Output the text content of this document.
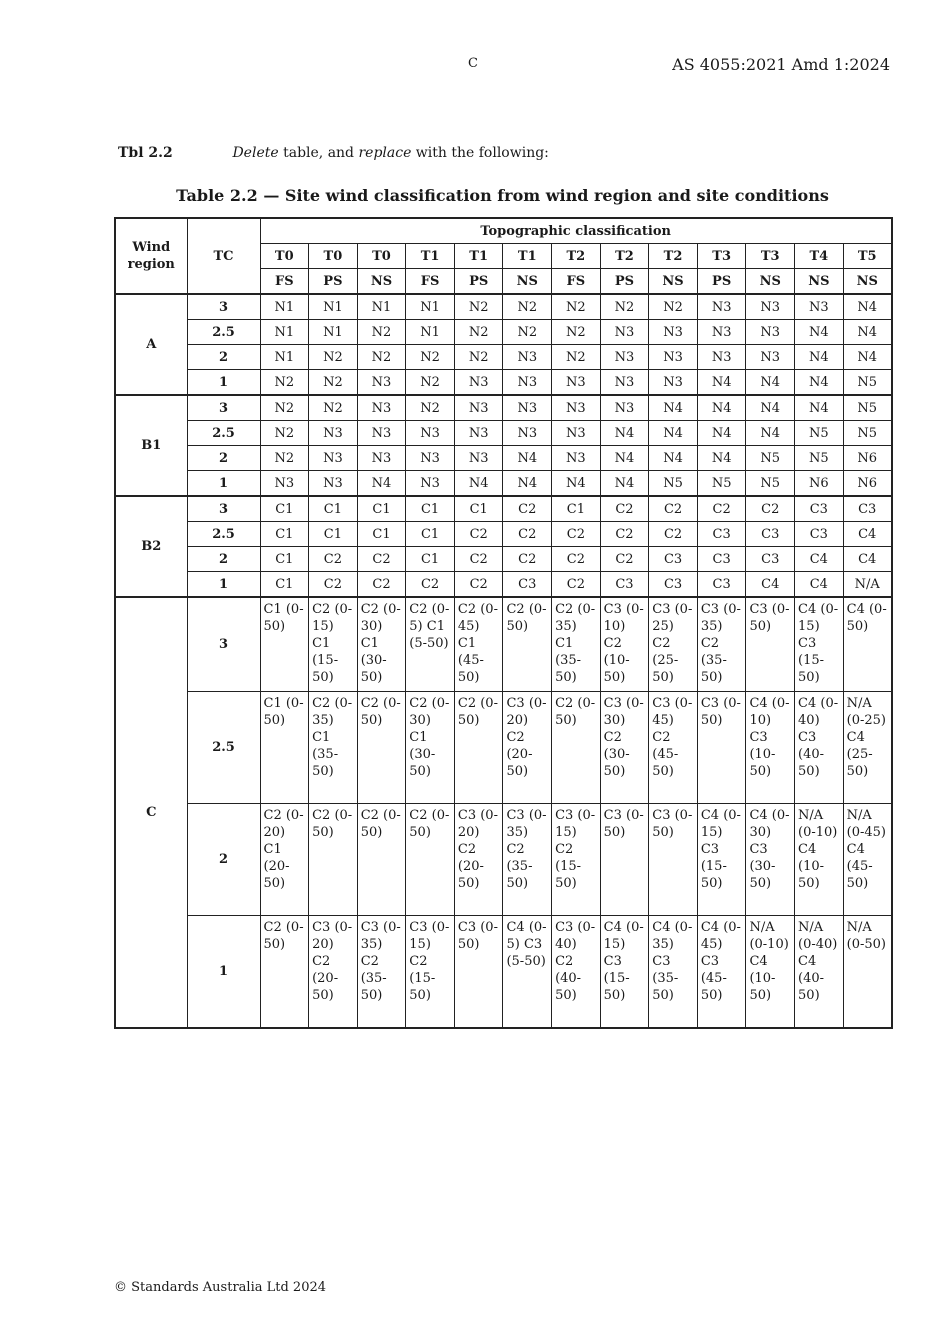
C	AS 4055:2021 Amd 1:2024
Tbl 2.2	Delete table, and replace with the following:
Table 2.2 — Site wind classification from wind region and site conditions
Wind region	TC	Topographic classification												
		T0	T0	T0	T1	T1	T1	T2	T2	T2	T3	T3	T4	T5
		FS	PS	NS	FS	PS	NS	FS	PS	NS	PS	NS	NS	NS
A	3	N1	N1	N1	N1	N2	N2	N2	N2	N2	N3	N3	N3	N4
	2.5	N1	N1	N2	N1	N2	N2	N2	N3	N3	N3	N3	N4	N4
	2	N1	N2	N2	N2	N2	N3	N2	N3	N3	N3	N3	N4	N4
	1	N2	N2	N3	N2	N3	N3	N3	N3	N3	N4	N4	N4	N5
B1	3	N2	N2	N3	N2	N3	N3	N3	N3	N4	N4	N4	N4	N5
	2.5	N2	N3	N3	N3	N3	N3	N3	N4	N4	N4	N4	N5	N5
	2	N2	N3	N3	N3	N3	N4	N3	N4	N4	N4	N5	N5	N6
	1	N3	N3	N4	N3	N4	N4	N4	N4	N5	N5	N5	N6	N6
B2	3	C1	C1	C1	C1	C1	C2	C1	C2	C2	C2	C2	C3	C3
	2.5	C1	C1	C1	C1	C2	C2	C2	C2	C2	C3	C3	C3	C4
	2	C1	C2	C2	C1	C2	C2	C2	C2	C3	C3	C3	C4	C4
	1	C1	C2	C2	C2	C2	C3	C2	C3	C3	C3	C4	C4	N/A
C	3	C1 (0-50)	C2 (0-15) C1 (15-50)	C2 (0-30) C1 (30-50)	C2 (0-5) C1 (5-50)	C2 (0-45) C1 (45-50)	C2 (0-50)	C2 (0-35) C1 (35-50)	C3 (0-10) C2 (10-50)	C3 (0-25) C2 (25-50)	C3 (0-35) C2 (35-50)	C3 (0-50)	C4 (0-15) C3 (15-50)	C4 (0-50)
	2.5	C1 (0-50)	C2 (0-35) C1 (35-50)	C2 (0-50)	C2 (0-30) C1 (30-50)	C2 (0-50)	C3 (0-20) C2 (20-50)	C2 (0-50)	C3 (0-30) C2 (30-50)	C3 (0-45) C2 (45-50)	C3 (0-50)	C4 (0-10) C3 (10-50)	C4 (0-40) C3 (40-50)	N/A (0-25) C4 (25-50)
	2	C2 (0-20) C1 (20-50)	C2 (0-50)	C2 (0-50)	C2 (0-50)	C3 (0-20) C2 (20-50)	C3 (0-35) C2 (35-50)	C3 (0-15) C2 (15-50)	C3 (0-50)	C3 (0-50)	C4 (0-15) C3 (15-50)	C4 (0-30) C3 (30-50)	N/A (0-10) C4 (10-50)	N/A (0-45) C4 (45-50)
	1	C2 (0-50)	C3 (0-20) C2 (20-50)	C3 (0-35) C2 (35-50)	C3 (0-15) C2 (15-50)	C3 (0-50)	C4 (0-5) C3 (5-50)	C3 (0-40) C2 (40-50)	C4 (0-15) C3 (15-50)	C4 (0-35) C3 (35-50)	C4 (0-45) C3 (45-50)	N/A (0-10) C4 (10-50)	N/A (0-40) C4 (40-50)	N/A (0-50)
© Standards Australia Ltd 2024
